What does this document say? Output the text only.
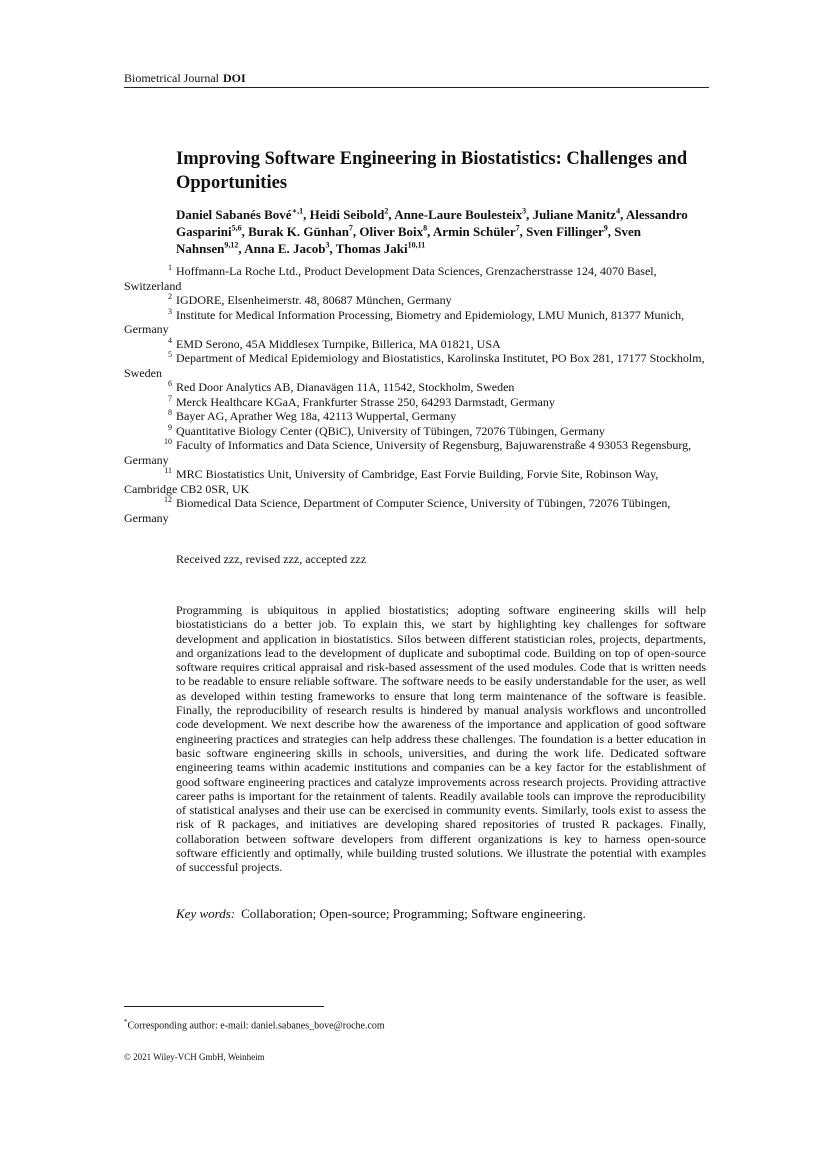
Biometrical Journal DOI
Improving Software Engineering in Biostatistics: Challenges and Opportunities
Daniel Sabanés Bové$^{∗,1}$, Heidi Seibold$^2$, Anne-Laure Boulesteix$^3$, Juliane Manitz$^4$, Alessandro Gasparini$^{5,6}$, Burak K. Günhan$^7$, Oliver Boix$^8$, Armin Schüler$^7$, Sven Fillinger$^9$, Sven Nahnsen$^{9,12}$, Anna E. Jacob$^3$, Thomas Jaki$^{10,11}$
$^1$ Hoffmann-La Roche Ltd., Product Development Data Sciences, Grenzacherstrasse 124, 4070 Basel, Switzerland
$^2$ IGDORE, Elsenheimerstr. 48, 80687 München, Germany
$^3$ Institute for Medical Information Processing, Biometry and Epidemiology, LMU Munich, 81377 Munich, Germany
$^4$ EMD Serono, 45A Middlesex Turnpike, Billerica, MA 01821, USA
$^5$ Department of Medical Epidemiology and Biostatistics, Karolinska Institutet, PO Box 281, 17177 Stockholm, Sweden
$^6$ Red Door Analytics AB, Dianavägen 11A, 11542, Stockholm, Sweden
$^7$ Merck Healthcare KGaA, Frankfurter Strasse 250, 64293 Darmstadt, Germany
$^8$ Bayer AG, Aprather Weg 18a, 42113 Wuppertal, Germany
$^9$ Quantitative Biology Center (QBiC), University of Tübingen, 72076 Tübingen, Germany
$^{10}$ Faculty of Informatics and Data Science, University of Regensburg, Bajuwarenstraße 4 93053 Regensburg, Germany
$^{11}$ MRC Biostatistics Unit, University of Cambridge, East Forvie Building, Forvie Site, Robinson Way, Cambridge CB2 0SR, UK
$^{12}$ Biomedical Data Science, Department of Computer Science, University of Tübingen, 72076 Tübingen, Germany
Received zzz, revised zzz, accepted zzz
Programming is ubiquitous in applied biostatistics; adopting software engineering skills will help biostatisticians do a better job. To explain this, we start by highlighting key challenges for software development and application in biostatistics. Silos between different statistician roles, projects, departments, and organizations lead to the development of duplicate and suboptimal code. Building on top of open-source software requires critical appraisal and risk-based assessment of the used modules. Code that is written needs to be readable to ensure reliable software. The software needs to be easily understandable for the user, as well as developed within testing frameworks to ensure that long term maintenance of the software is feasible. Finally, the reproducibility of research results is hindered by manual analysis workflows and uncontrolled code development. We next describe how the awareness of the importance and application of good software engineering practices and strategies can help address these challenges. The foundation is a better education in basic software engineering skills in schools, universities, and during the work life. Dedicated software engineering teams within academic institutions and companies can be a key factor for the establishment of good software engineering practices and catalyze improvements across research projects. Providing attractive career paths is important for the retainment of talents. Readily available tools can improve the reproducibility of statistical analyses and their use can be exercised in community events. Similarly, tools exist to assess the risk of R packages, and initiatives are developing shared repositories of trusted R packages. Finally, collaboration between software developers from different organizations is key to harness open-source software efficiently and optimally, while building trusted solutions. We illustrate the potential with examples of successful projects.
Key words: Collaboration; Open-source; Programming; Software engineering.
*Corresponding author: e-mail: daniel.sabanes_bove@roche.com
© 2021 Wiley-VCH GmbH, Weinheim
